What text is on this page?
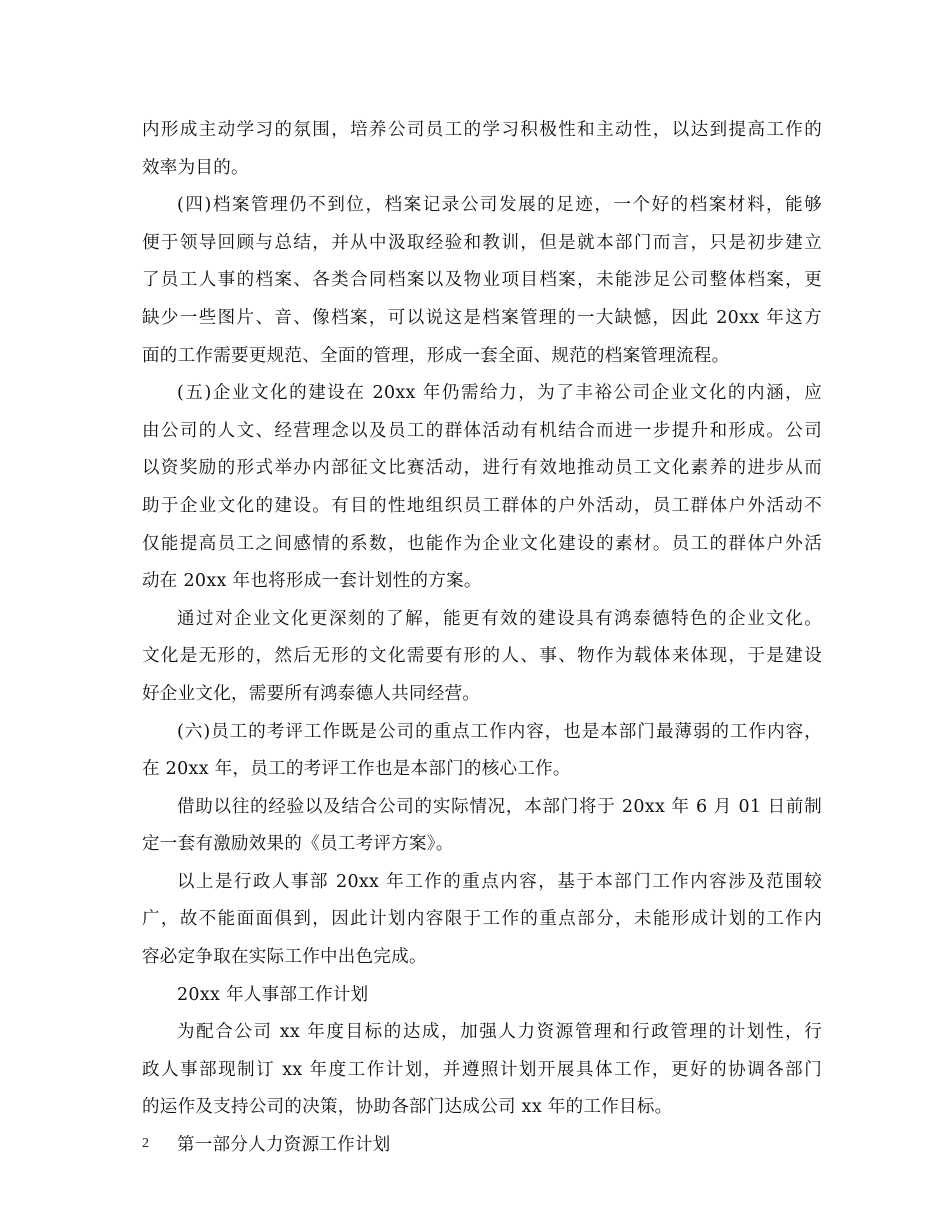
内形成主动学习的氛围，培养公司员工的学习积极性和主动性，以达到提高工作的
效率为目的。
(四)档案管理仍不到位，档案记录公司发展的足迹，一个好的档案材料，能够
便于领导回顾与总结，并从中汲取经验和教训，但是就本部门而言，只是初步建立
了员工人事的档案、各类合同档案以及物业项目档案，未能涉足公司整体档案，更
缺少一些图片、音、像档案，可以说这是档案管理的一大缺憾，因此 20xx 年这方
面的工作需要更规范、全面的管理，形成一套全面、规范的档案管理流程。
(五)企业文化的建设在 20xx 年仍需给力，为了丰裕公司企业文化的内涵，应
由公司的人文、经营理念以及员工的群体活动有机结合而进一步提升和形成。公司
以资奖励的形式举办内部征文比赛活动，进行有效地推动员工文化素养的进步从而
助于企业文化的建设。有目的性地组织员工群体的户外活动，员工群体户外活动不
仅能提高员工之间感情的系数，也能作为企业文化建设的素材。员工的群体户外活
动在 20xx 年也将形成一套计划性的方案。
通过对企业文化更深刻的了解，能更有效的建设具有鸿泰德特色的企业文化。
文化是无形的，然后无形的文化需要有形的人、事、物作为载体来体现，于是建设
好企业文化，需要所有鸿泰德人共同经营。
(六)员工的考评工作既是公司的重点工作内容，也是本部门最薄弱的工作内容，
在 20xx 年，员工的考评工作也是本部门的核心工作。
借助以往的经验以及结合公司的实际情况，本部门将于 20xx 年 6 月 01 日前制
定一套有激励效果的《员工考评方案》。
以上是行政人事部 20xx 年工作的重点内容，基于本部门工作内容涉及范围较
广，故不能面面俱到，因此计划内容限于工作的重点部分，未能形成计划的工作内
容必定争取在实际工作中出色完成。
20xx 年人事部工作计划
为配合公司 xx 年度目标的达成，加强人力资源管理和行政管理的计划性，行
政人事部现制订 xx 年度工作计划，并遵照计划开展具体工作，更好的协调各部门
的运作及支持公司的决策，协助各部门达成公司 xx 年的工作目标。
第一部分人力资源工作计划
2
